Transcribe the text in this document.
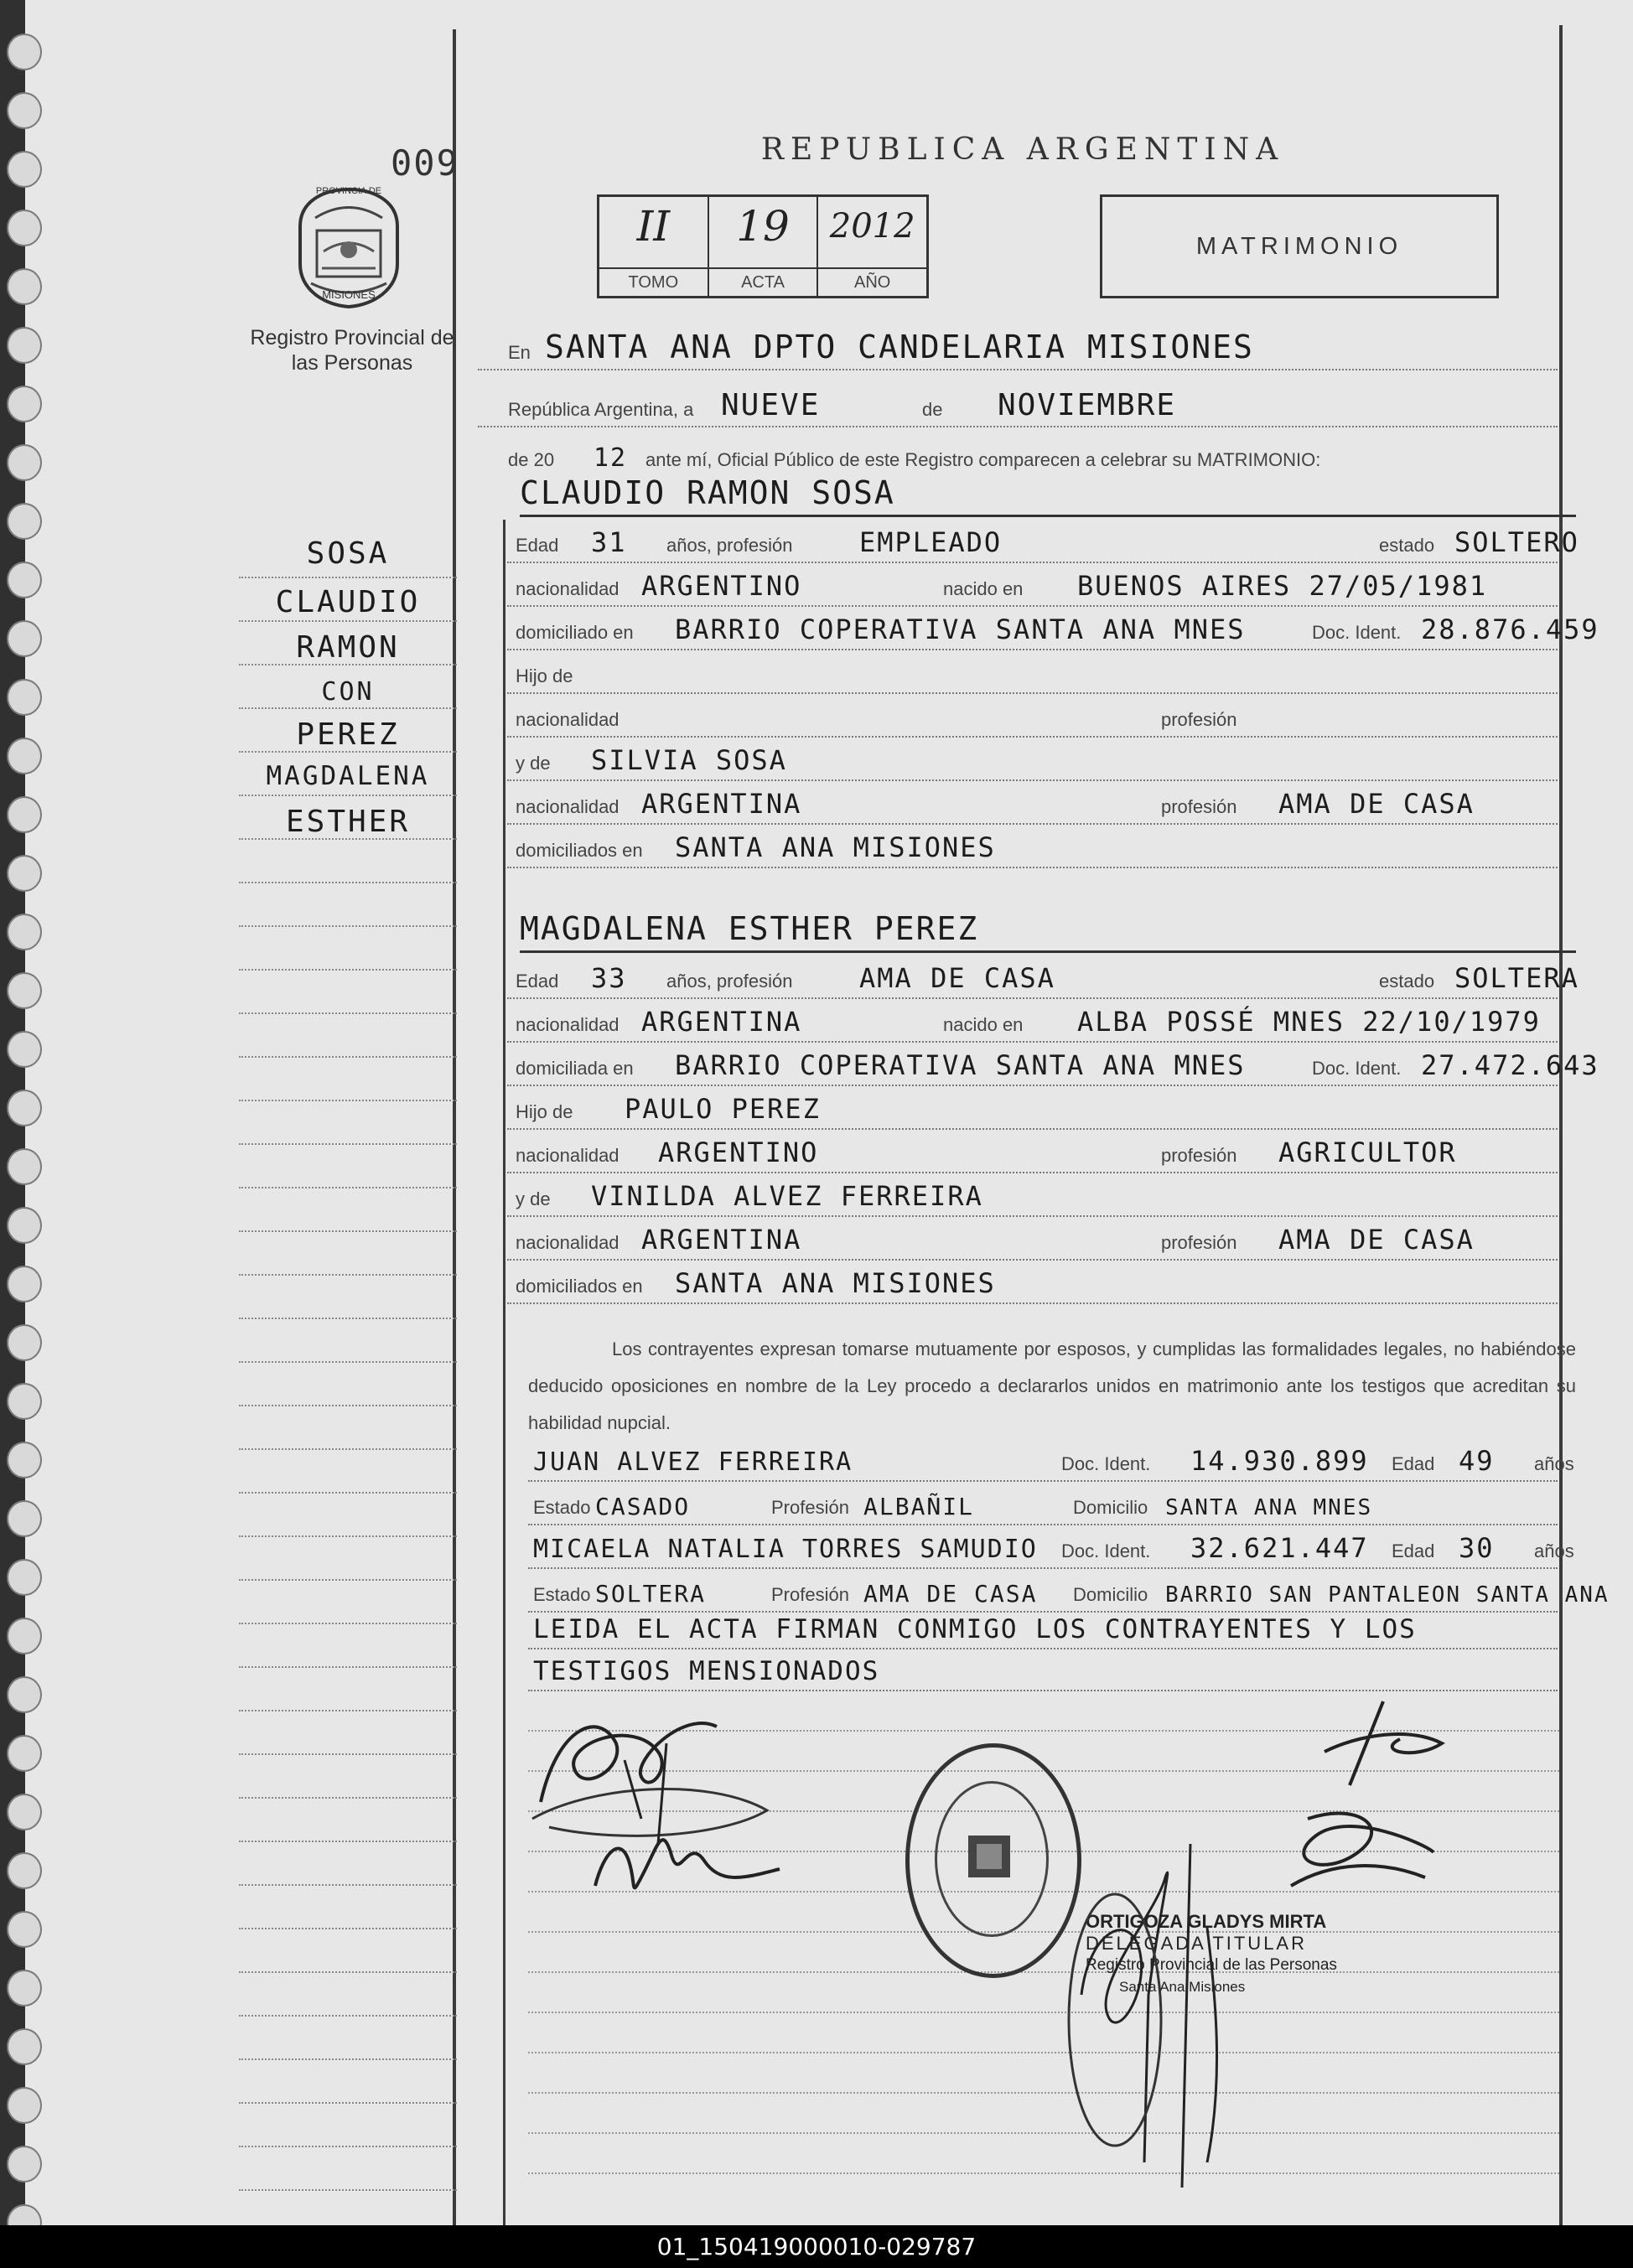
009
PROVINCIA DE
MISIONES
Registro Provincial de las Personas
REPUBLICA ARGENTINA
II
TOMO
19
ACTA
2012
AÑO
MATRIMONIO
SOSA
CLAUDIO
RAMON
CON
PEREZ
MAGDALENA
ESTHER
En SANTA ANA DPTO CANDELARIA MISIONES
República Argentina, a NUEVE	de NOVIEMBRE
de 20 12 ante mí, Oficial Público de este Registro comparecen a celebrar su MATRIMONIO:
CLAUDIO RAMON SOSA
Edad 31 años, profesión EMPLEADO	estado SOLTERO
nacionalidad ARGENTINO	nacido en BUENOS AIRES 27/05/1981
domiciliado en BARRIO COPERATIVA SANTA ANA MNES	Doc. Ident. 28.876.459
Hijo de
nacionalidad	profesión
y de SILVIA SOSA
nacionalidad ARGENTINA	profesión AMA DE CASA
domiciliados en SANTA ANA MISIONES
MAGDALENA ESTHER PEREZ
Edad 33 años, profesión AMA DE CASA	estado SOLTERA
nacionalidad ARGENTINA	nacido en ALBA POSSÉ MNES 22/10/1979
domiciliada en BARRIO COPERATIVA SANTA ANA MNES	Doc. Ident. 27.472.643
Hijo de PAULO PEREZ
nacionalidad ARGENTINO	profesión AGRICULTOR
y de VINILDA ALVEZ FERREIRA
nacionalidad ARGENTINA	profesión AMA DE CASA
domiciliados en SANTA ANA MISIONES
Los contrayentes expresan tomarse mutuamente por esposos, y cumplidas las formalidades legales, no habiéndose deducido oposiciones en nombre de la Ley procedo a declararlos unidos en matrimonio ante los testigos que acreditan su habilidad nupcial.
JUAN ALVEZ FERREIRA	Doc. Ident. 14.930.899 Edad 49 años
Estado CASADO	Profesión ALBAÑIL	Domicilio SANTA ANA MNES
MICAELA NATALIA TORRES SAMUDIO Doc. Ident. 32.621.447 Edad 30 años
Estado SOLTERA	Profesión AMA DE CASA Domicilio BARRIO SAN PANTALEON SANTA ANA
LEIDA EL ACTA FIRMAN CONMIGO LOS CONTRAYENTES Y LOS
TESTIGOS MENSIONADOS
ORTIGOZA GLADYS MIRTA
DELEGADA TITULAR
Registro Provincial de las Personas
Santa Ana Misiones
01_150419000010-029787
